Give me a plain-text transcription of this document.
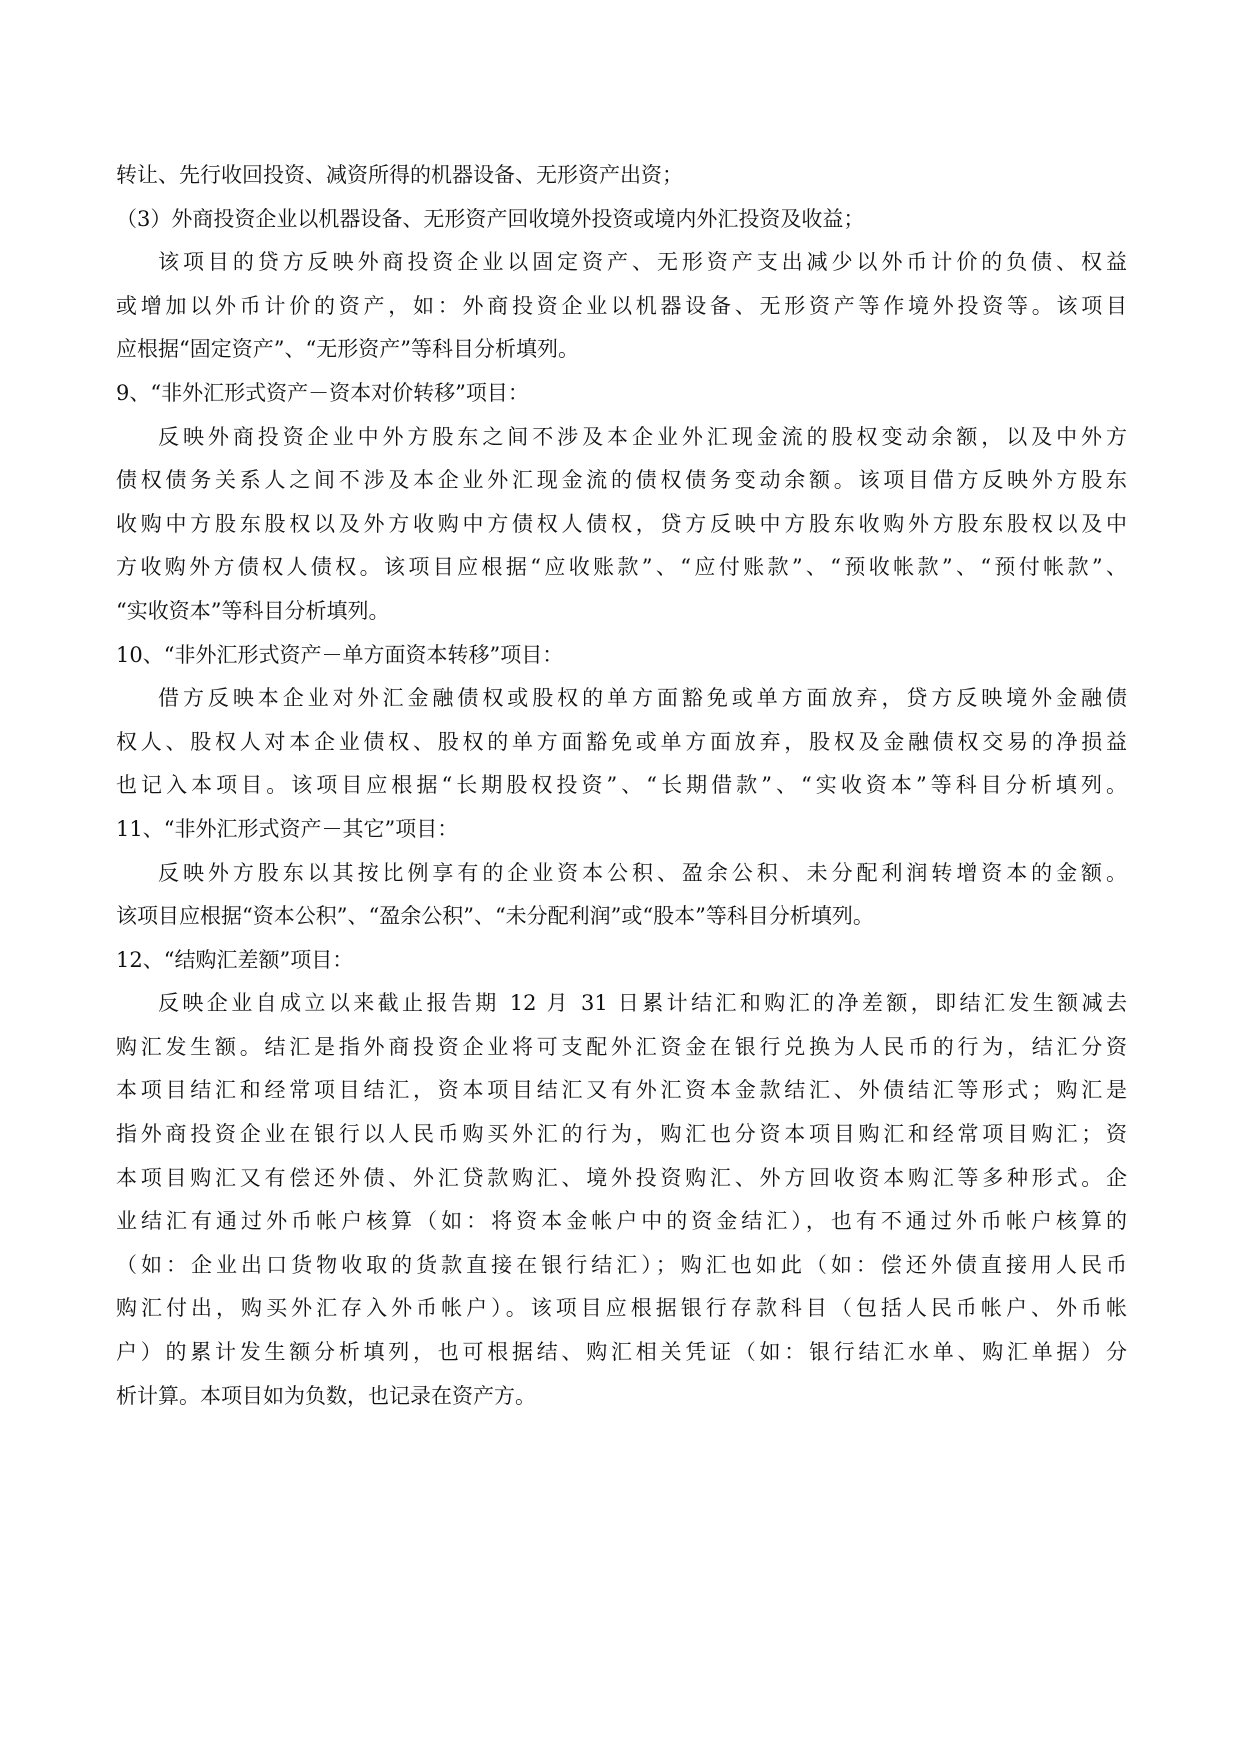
转让、先行收回投资、减资所得的机器设备、无形资产出资；

（3）外商投资企业以机器设备、无形资产回收境外投资或境内外汇投资及收益；

该项目的贷方反映外商投资企业以固定资产、无形资产支出减少以外币计价的负债、权益

或增加以外币计价的资产，如：外商投资企业以机器设备、无形资产等作境外投资等。该项目

应根据“固定资产”、“无形资产”等科目分析填列。

9、“非外汇形式资产－资本对价转移”项目：

反映外商投资企业中外方股东之间不涉及本企业外汇现金流的股权变动余额，以及中外方

债权债务关系人之间不涉及本企业外汇现金流的债权债务变动余额。该项目借方反映外方股东

收购中方股东股权以及外方收购中方债权人债权，贷方反映中方股东收购外方股东股权以及中

方收购外方债权人债权。该项目应根据“应收账款”、“应付账款”、“预收帐款”、“预付帐款”、

“实收资本”等科目分析填列。

10、“非外汇形式资产－单方面资本转移”项目：

借方反映本企业对外汇金融债权或股权的单方面豁免或单方面放弃，贷方反映境外金融债

权人、股权人对本企业债权、股权的单方面豁免或单方面放弃，股权及金融债权交易的净损益

也记入本项目。该项目应根据“长期股权投资”、“长期借款”、“实收资本”等科目分析填列。

11、“非外汇形式资产－其它”项目：

反映外方股东以其按比例享有的企业资本公积、盈余公积、未分配利润转增资本的金额。

该项目应根据“资本公积”、“盈余公积”、“未分配利润”或“股本”等科目分析填列。

12、“结购汇差额”项目：

反映企业自成立以来截止报告期 12 月 31 日累计结汇和购汇的净差额，即结汇发生额减去

购汇发生额。结汇是指外商投资企业将可支配外汇资金在银行兑换为人民币的行为，结汇分资

本项目结汇和经常项目结汇，资本项目结汇又有外汇资本金款结汇、外债结汇等形式；购汇是

指外商投资企业在银行以人民币购买外汇的行为，购汇也分资本项目购汇和经常项目购汇；资

本项目购汇又有偿还外债、外汇贷款购汇、境外投资购汇、外方回收资本购汇等多种形式。企

业结汇有通过外币帐户核算（如：将资本金帐户中的资金结汇），也有不通过外币帐户核算的

（如：企业出口货物收取的货款直接在银行结汇）；购汇也如此（如：偿还外债直接用人民币

购汇付出，购买外汇存入外币帐户）。该项目应根据银行存款科目（包括人民币帐户、外币帐

户）的累计发生额分析填列，也可根据结、购汇相关凭证（如：银行结汇水单、购汇单据）分

析计算。本项目如为负数，也记录在资产方。
